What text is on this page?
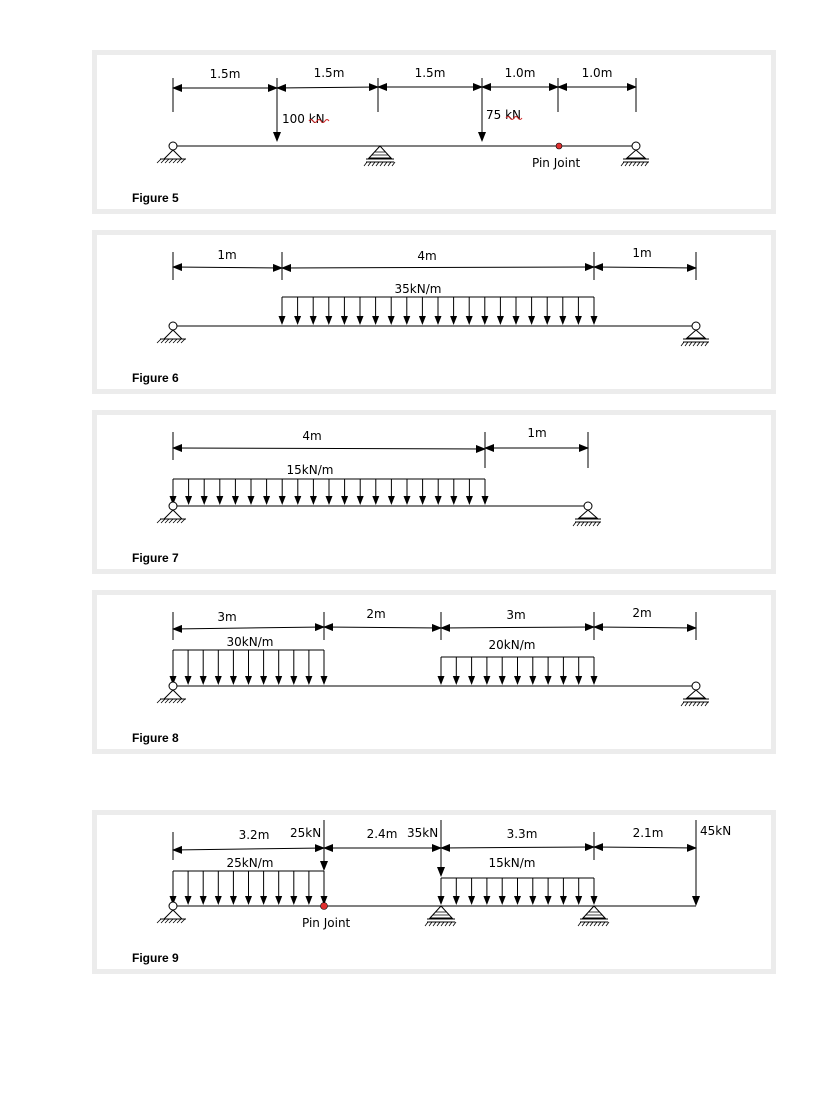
1.5m	1.5m	1.5m	1.0m	1.0m
100 kN	75 kN
Pin Joint
Figure 5
1m	4m	1m
35kN/m
Figure 6
4m	1m
15kN/m
Figure 7
3m	2m	3m	2m
30kN/m	20kN/m
Figure 8
3.2m	2.4m	3.3m	2.1m
25kN	35kN	45kN
25kN/m	15kN/m
Pin Joint
Figure 9
